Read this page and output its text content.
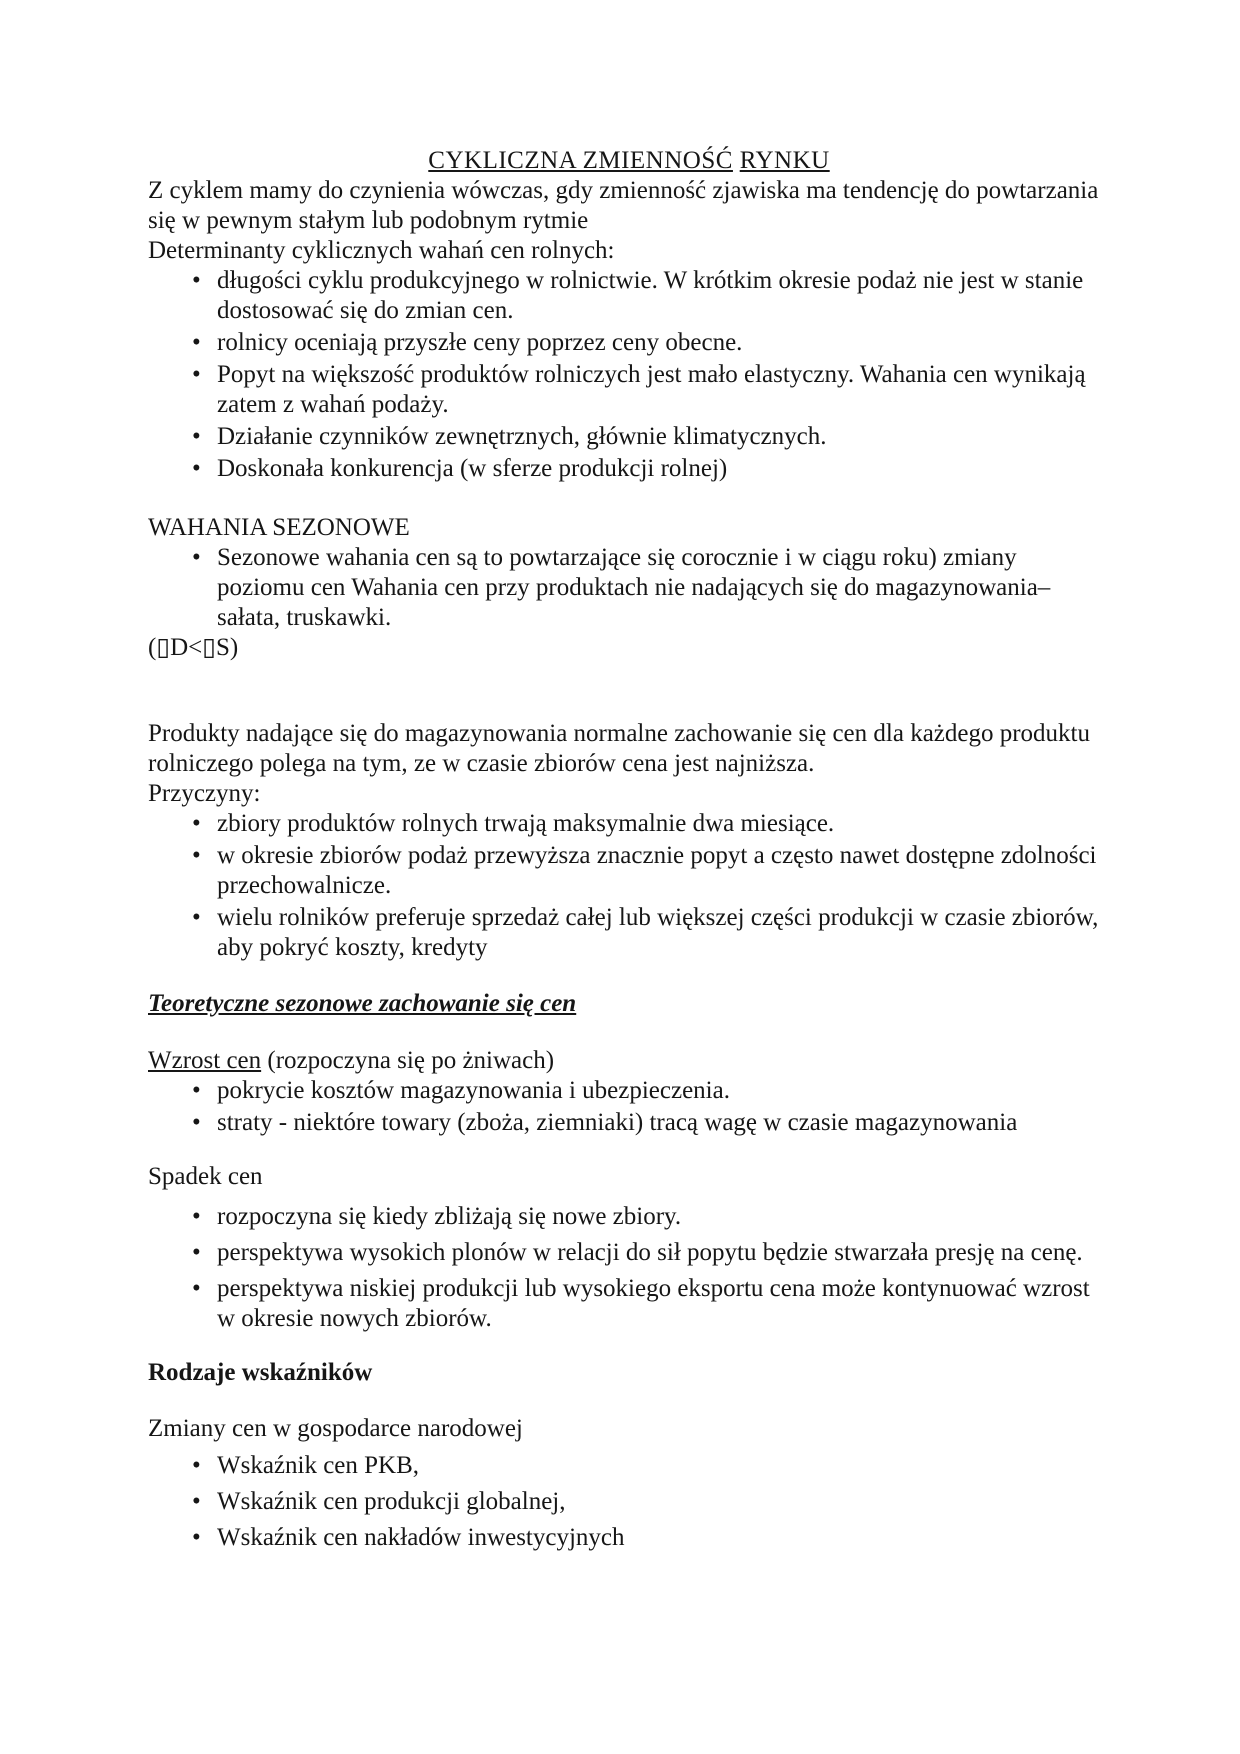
CYKLICZNA ZMIENNOŚĆ RYNKU

Z cyklem mamy do czynienia wówczas, gdy zmienność zjawiska ma tendencję do powtarzania się w pewnym stałym lub podobnym rytmie

Determinanty cyklicznych wahań cen rolnych:

• długości cyklu produkcyjnego w rolnictwie. W krótkim okresie podaż nie jest w stanie dostosować się do zmian cen.
• rolnicy oceniają przyszłe ceny poprzez ceny obecne.
• Popyt na większość produktów rolniczych jest mało elastyczny. Wahania cen wynikają zatem z wahań podaży.
• Działanie czynników zewnętrznych, głównie klimatycznych.
• Doskonała konkurencja (w sferze produkcji rolnej)

WAHANIA SEZONOWE

• Sezonowe wahania cen są to powtarzające się corocznie i w ciągu roku) zmiany poziomu cen Wahania cen przy produktach nie nadających się do magazynowania– sałata, truskawki.

(▯D<▯S)

Produkty nadające się do magazynowania normalne zachowanie się cen dla każdego produktu rolniczego polega na tym, ze w czasie zbiorów cena jest najniższa.

Przyczyny:

• zbiory produktów rolnych trwają maksymalnie dwa miesiące.
• w okresie zbiorów podaż przewyższa znacznie popyt a często nawet dostępne zdolności przechowalnicze.
• wielu rolników preferuje sprzedaż całej lub większej części produkcji w czasie zbiorów, aby pokryć koszty, kredyty
Teoretyczne sezonowe zachowanie się cen

Wzrost cen (rozpoczyna się po żniwach)

• pokrycie kosztów magazynowania i ubezpieczenia.
• straty - niektóre towary (zboża, ziemniaki) tracą wagę w czasie magazynowania

Spadek cen

• rozpoczyna się kiedy zbliżają się nowe zbiory.
• perspektywa wysokich plonów w relacji do sił popytu będzie stwarzała presję na cenę.
• perspektywa niskiej produkcji lub wysokiego eksportu cena może kontynuować wzrost w okresie nowych zbiorów.
Rodzaje wskaźników

Zmiany cen w gospodarce narodowej

• Wskaźnik cen PKB,
• Wskaźnik cen produkcji globalnej,
• Wskaźnik cen nakładów inwestycyjnych
